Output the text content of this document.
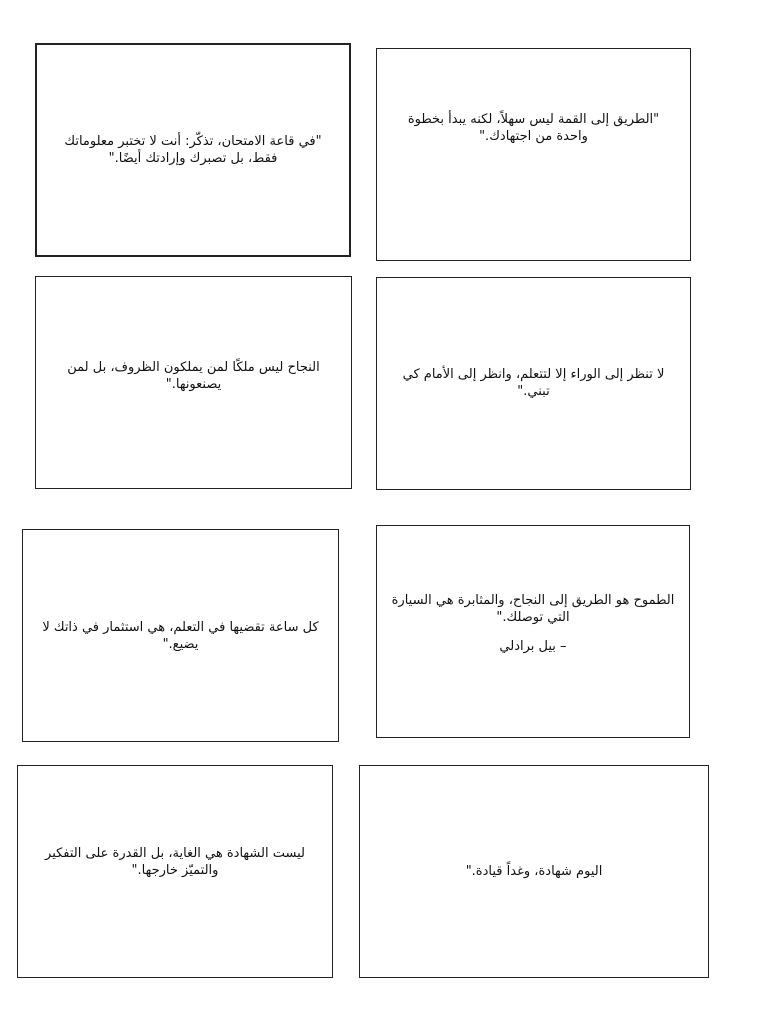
"في قاعة الامتحان، تذكّر: أنت لا تختبر معلوماتك فقط، بل تصبرك وإرادتك أيضًا."

"الطريق إلى القمة ليس سهلاً، لكنه يبدأ بخطوة واحدة من اجتهادك."

النجاح ليس ملكًا لمن يملكون الظروف، بل لمن يصنعونها."

لا تنظر إلى الوراء إلا لتتعلم، وانظر إلى الأمام كي تبني."

كل ساعة تقضيها في التعلم، هي استثمار في ذاتك لا يضيع."

الطموح هو الطريق إلى النجاح، والمثابرة هي السيارة التي توصلك."

– بيل برادلي

ليست الشهادة هي الغاية، بل القدرة على التفكير والتميّز خارجها."	اليوم شهادة، وغداً قيادة."
